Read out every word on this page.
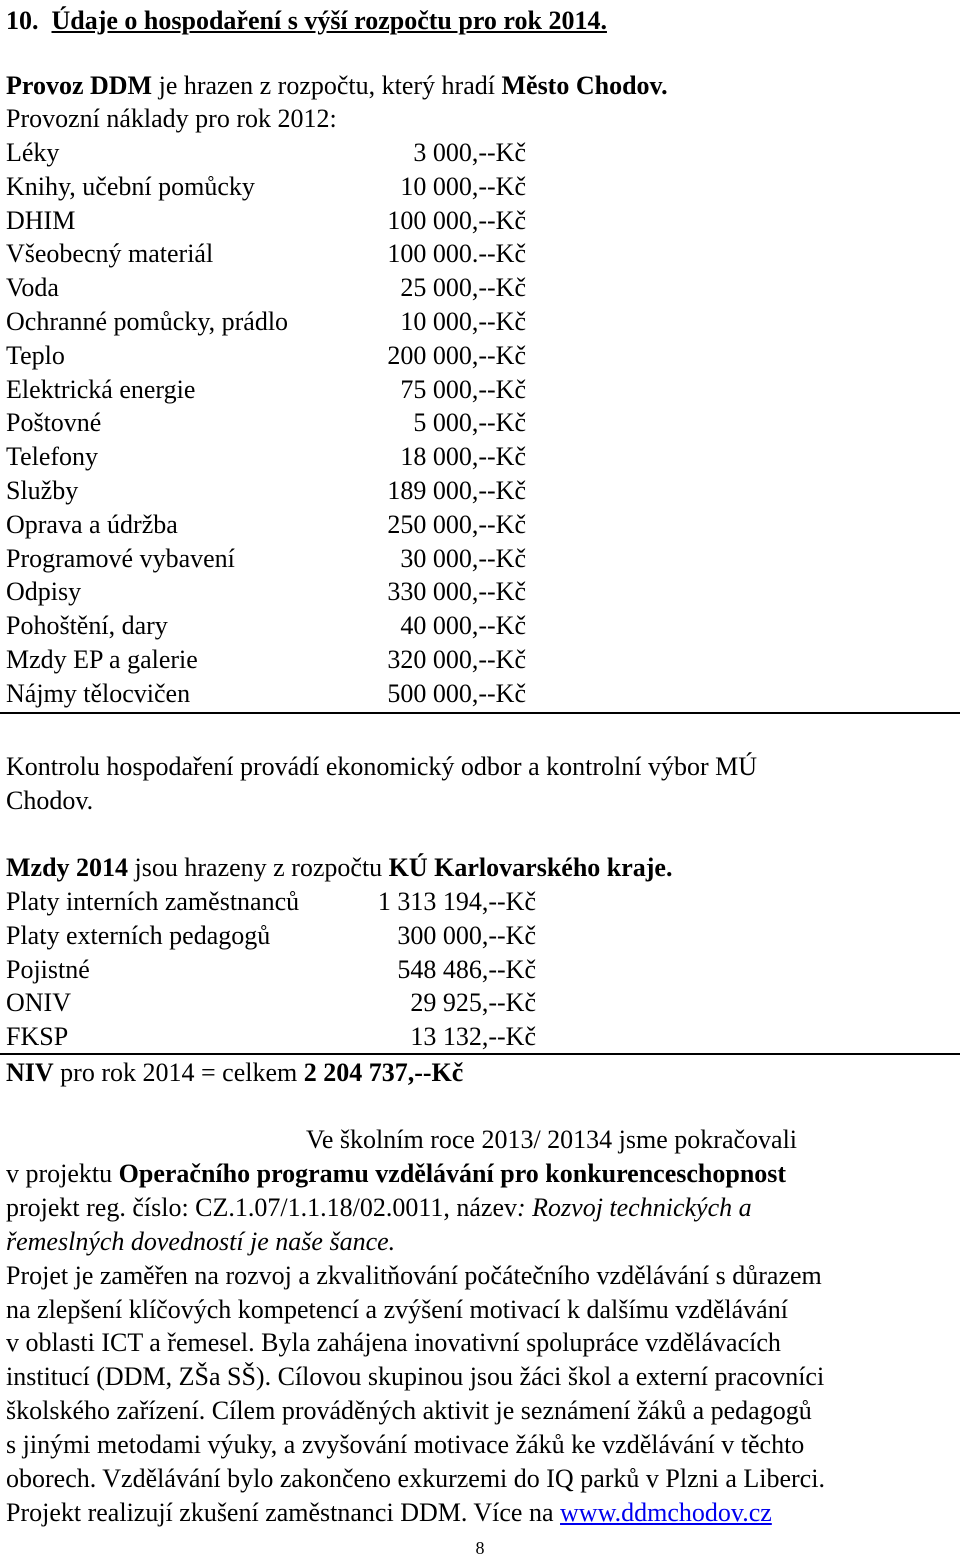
10. Údaje o hospodaření s výší rozpočtu pro rok 2014.
Provoz DDM je hrazen z rozpočtu, který hradí Město Chodov.
Provozní náklady pro rok 2012:
Léky	3 000,--Kč
Knihy, učební pomůcky	10 000,--Kč
DHIM	100 000,--Kč
Všeobecný materiál	100 000.--Kč
Voda	25 000,--Kč
Ochranné pomůcky, prádlo	10 000,--Kč
Teplo	200 000,--Kč
Elektrická energie	75 000,--Kč
Poštovné	5 000,--Kč
Telefony	18 000,--Kč
Služby	189 000,--Kč
Oprava a údržba	250 000,--Kč
Programové vybavení	30 000,--Kč
Odpisy	330 000,--Kč
Pohoštění, dary	40 000,--Kč
Mzdy EP a galerie	320 000,--Kč
Nájmy tělocvičen	500 000,--Kč
Kontrolu hospodaření provádí ekonomický odbor a kontrolní výbor MÚ
Chodov.
Mzdy 2014 jsou hrazeny z rozpočtu KÚ Karlovarského kraje.
Platy interních zaměstnanců	1 313 194,--Kč
Platy externích pedagogů	300 000,--Kč
Pojistné	548 486,--Kč
ONIV	29 925,--Kč
FKSP	13 132,--Kč
NIV pro rok 2014 = celkem 2 204 737,--Kč
Ve školním roce 2013/ 20134 jsme pokračovali
v projektu Operačního programu vzdělávání pro konkurenceschopnost
projekt reg. číslo: CZ.1.07/1.1.18/02.0011, název: Rozvoj technických a
řemeslných dovedností je naše šance.
Projet je zaměřen na rozvoj a zkvalitňování počátečního vzdělávání s důrazem
na zlepšení klíčových kompetencí a zvýšení motivací k dalšímu vzdělávání
v oblasti ICT a řemesel. Byla zahájena inovativní spolupráce vzdělávacích
institucí (DDM, ZŠa SŠ). Cílovou skupinou jsou žáci škol a externí pracovníci
školského zařízení. Cílem prováděných aktivit je seznámení žáků a pedagogů
s jinými metodami výuky, a zvyšování motivace žáků ke vzdělávání v těchto
oborech. Vzdělávání bylo zakončeno exkurzemi do IQ parků v Plzni a Liberci.
Projekt realizují zkušení zaměstnanci DDM. Více na www.ddmchodov.cz
8
